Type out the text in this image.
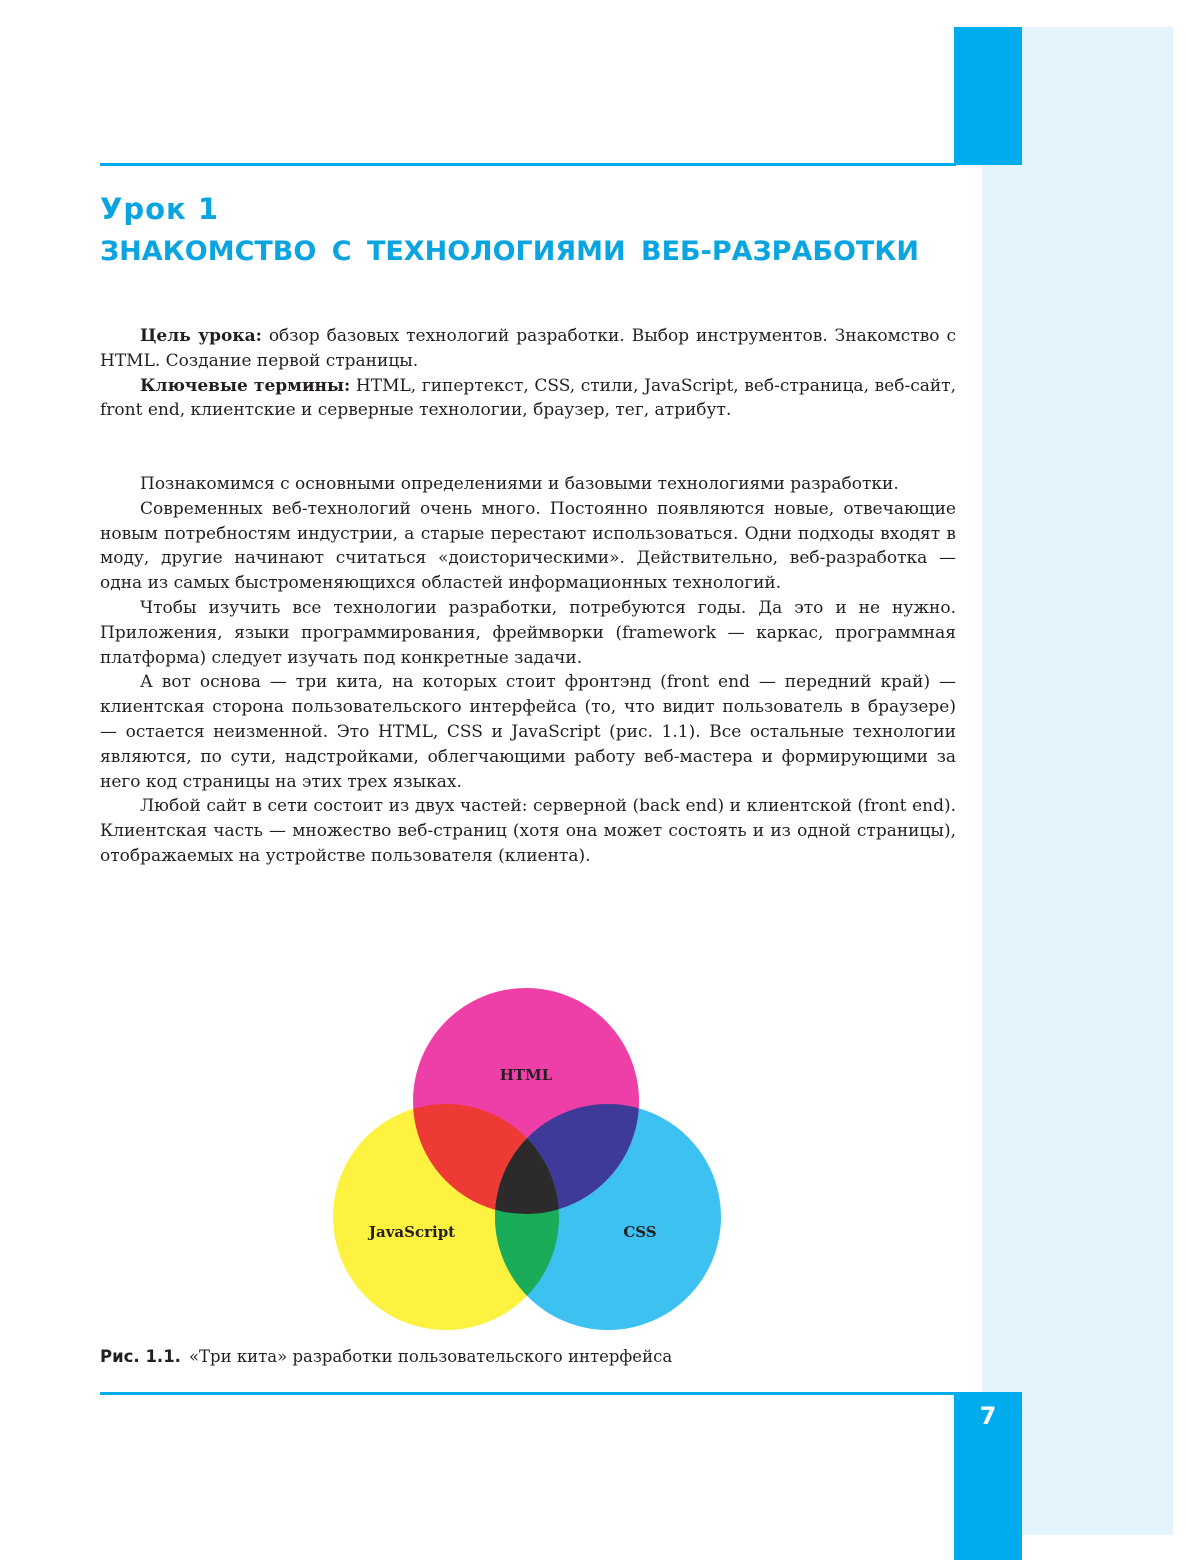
Урок 1
ЗНАКОМСТВО С ТЕХНОЛОГИЯМИ ВЕБ-РАЗРАБОТКИ

Цель урока: обзор базовых технологий разработки. Выбор инструментов. Знакомство с HTML. Создание первой страницы.

Ключевые термины: HTML, гипертекст, CSS, стили, JavaScript, веб-страница, веб-сайт, front end, клиентские и серверные технологии, браузер, тег, атрибут.

Познакомимся с основными определениями и базовыми технологиями разработки.

Современных веб-технологий очень много. Постоянно появляются новые, отвечающие новым потребностям индустрии, а старые перестают использоваться. Одни подходы входят в моду, другие начинают считаться «доисторическими». Действительно, веб-разработка — одна из самых быстроменяющихся областей информационных технологий.

Чтобы изучить все технологии разработки, потребуются годы. Да это и не нужно. Приложения, языки программирования, фреймворки (framework — каркас, программная платформа) следует изучать под конкретные задачи.

А вот основа — три кита, на которых стоит фронтэнд (front end — передний край) — клиентская сторона пользовательского интерфейса (то, что видит пользователь в браузере) — остается неизменной. Это HTML, CSS и JavaScript (рис. 1.1). Все остальные технологии являются, по сути, надстройками, облегчающими работу веб-мастера и формирующими за него код страницы на этих трех языках.

Любой сайт в сети состоит из двух частей: серверной (back end) и клиентской (front end). Клиентская часть — множество веб-страниц (хотя она может состоять и из одной страницы), отображаемых на устройстве пользователя (клиента).

HTML
JavaScript	CSS
Рис. 1.1. «Три кита» разработки пользовательского интерфейса
7
